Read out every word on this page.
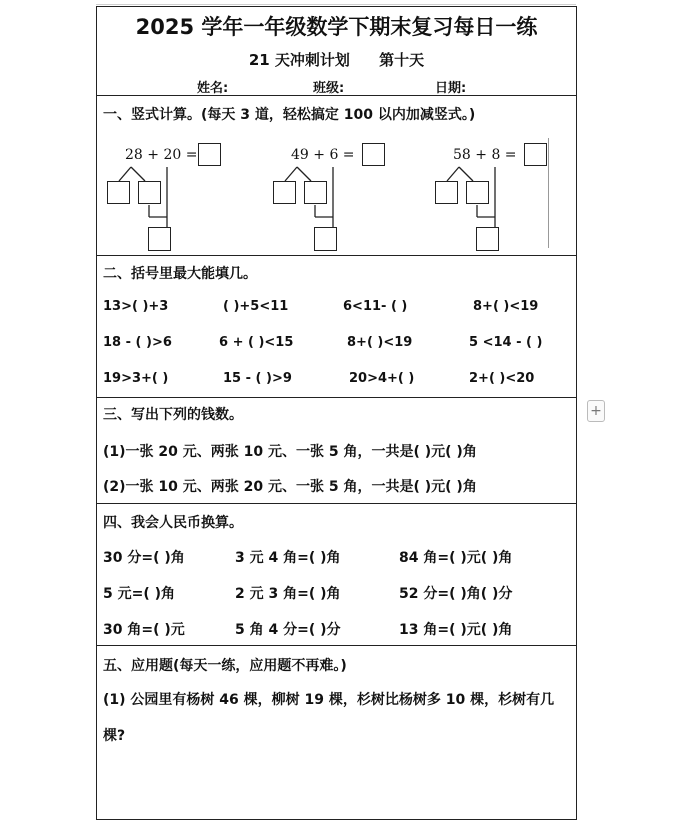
2025 学年一年级数学下期末复习每日一练
21 天冲刺计划 第十天
姓名:	班级:	日期:
一、竖式计算。(每天 3 道，轻松搞定 100 以内加减竖式。)
28 + 20 =	49 + 6 =	58 + 8 =
二、括号里最大能填几。
13>( )+3	( )+5<11	6<11- ( )	8+( )<19
18 - ( )>6	6 + ( )<15	8+( )<19	5 <14 - ( )
19>3+( )	15 - ( )>9	20>4+( )	2+( )<20
三、写出下列的钱数。
(1)一张 20 元、两张 10 元、一张 5 角，一共是( )元( )角
(2)一张 10 元、两张 20 元、一张 5 角，一共是( )元( )角
四、我会人民币换算。
30 分=( )角	3 元 4 角=( )角	84 角=( )元( )角
5 元=( )角	2 元 3 角=( )角	52 分=( )角( )分
30 角=( )元	5 角 4 分=( )分	13 角=( )元( )角
五、应用题(每天一练，应用题不再难。)
(1) 公园里有杨树 46 棵，柳树 19 棵，杉树比杨树多 10 棵，杉树有几
棵?
+
